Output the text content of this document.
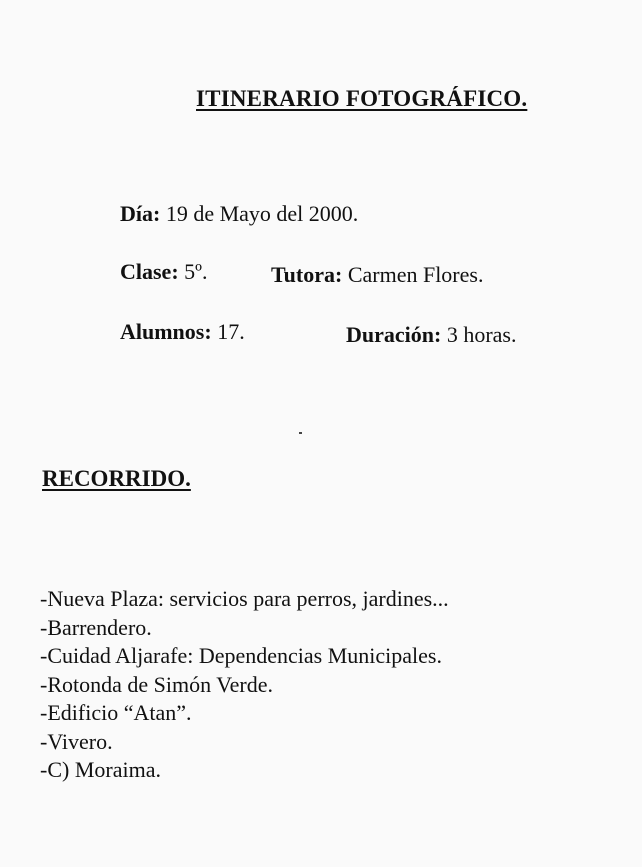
ITINERARIO FOTOGRÁFICO.
Día: 19 de Mayo del 2000.
Clase: 5º.	Tutora: Carmen Flores.
Alumnos: 17.	Duración: 3 horas.
RECORRIDO.
-Nueva Plaza: servicios para perros, jardines...
-Barrendero.
-Cuidad Aljarafe: Dependencias Municipales.
-Rotonda de Simón Verde.
-Edificio “Atan”.
-Vivero.
-C) Moraima.
